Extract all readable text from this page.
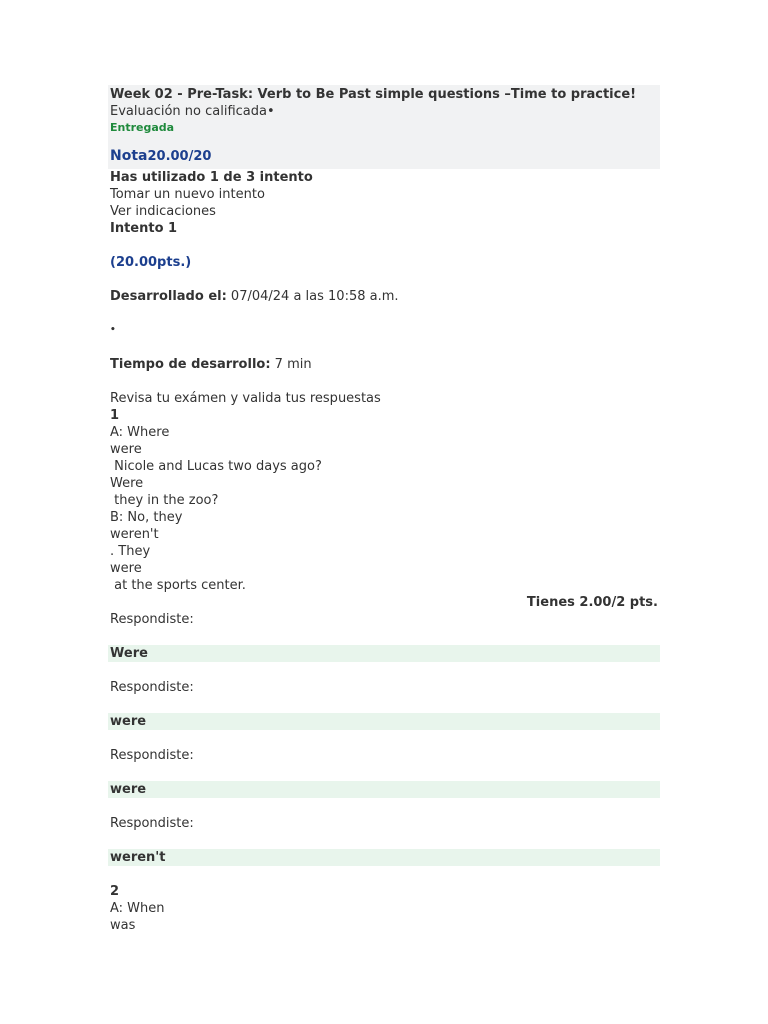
Week 02 - Pre-Task: Verb to Be Past simple questions –Time to practice!
Evaluación no calificada•
Entregada
Nota20.00/20
Has utilizado 1 de 3 intento
Tomar un nuevo intento
Ver indicaciones
Intento 1
(20.00pts.)
Desarrollado el: 07/04/24 a las 10:58 a.m.
•
Tiempo de desarrollo: 7 min
Revisa tu exámen y valida tus respuestas
1
A: Where
were
Nicole and Lucas two days ago?
Were
they in the zoo?
B: No, they
weren't
. They
were
at the sports center.
Tienes 2.00/2 pts.
Respondiste:
Were
Respondiste:
were
Respondiste:
were
Respondiste:
weren't
2
A: When
was
